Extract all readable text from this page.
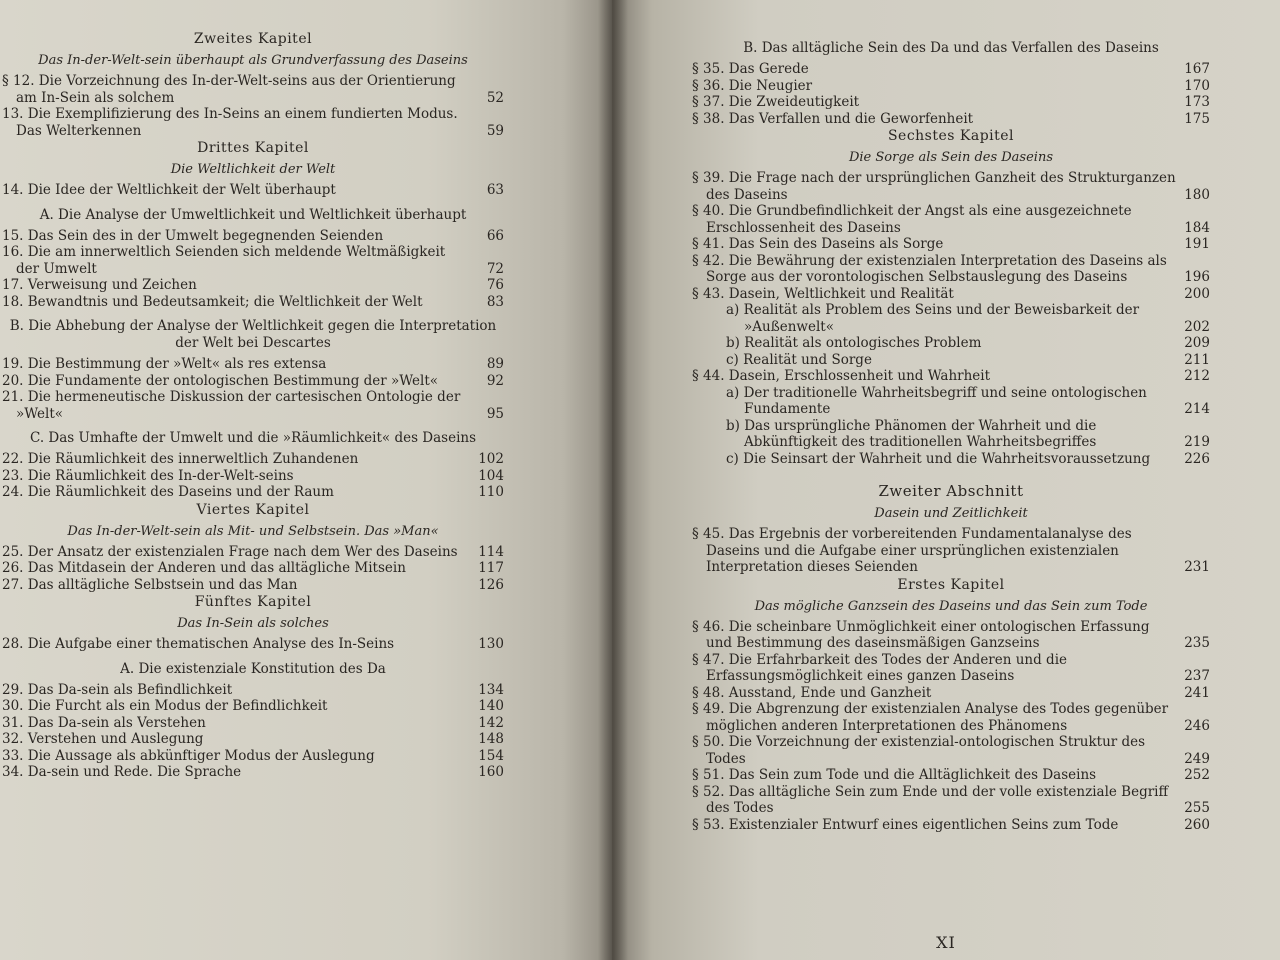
Zweites Kapitel
Das In-der-Welt-sein überhaupt als Grundverfassung des Daseins
§ 12. Die Vorzeichnung des In-der-Welt-seins aus der Orientierung am In-Sein als solchem	52
13. Die Exemplifizierung des In-Seins an einem fundierten Modus. Das Welterkennen	59
Drittes Kapitel
Die Weltlichkeit der Welt
14. Die Idee der Weltlichkeit der Welt überhaupt	63
A. Die Analyse der Umweltlichkeit und Weltlichkeit überhaupt
15. Das Sein des in der Umwelt begegnenden Seienden	66
16. Die am innerweltlich Seienden sich meldende Weltmäßigkeit der Umwelt	72
17. Verweisung und Zeichen	76
18. Bewandtnis und Bedeutsamkeit; die Weltlichkeit der Welt	83
B. Die Abhebung der Analyse der Weltlichkeit gegen die Interpretation der Welt bei Descartes
19. Die Bestimmung der »Welt« als res extensa	89
20. Die Fundamente der ontologischen Bestimmung der »Welt«	92
21. Die hermeneutische Diskussion der cartesischen Ontologie der »Welt«	95
C. Das Umhafte der Umwelt und die »Räumlichkeit« des Daseins
22. Die Räumlichkeit des innerweltlich Zuhandenen	102
23. Die Räumlichkeit des In-der-Welt-seins	104
24. Die Räumlichkeit des Daseins und der Raum	110
Viertes Kapitel
Das In-der-Welt-sein als Mit- und Selbstsein. Das »Man«
25. Der Ansatz der existenzialen Frage nach dem Wer des Daseins	114
26. Das Mitdasein der Anderen und das alltägliche Mitsein	117
27. Das alltägliche Selbstsein und das Man	126
Fünftes Kapitel
Das In-Sein als solches
28. Die Aufgabe einer thematischen Analyse des In-Seins	130
A. Die existenziale Konstitution des Da
29. Das Da-sein als Befindlichkeit	134
30. Die Furcht als ein Modus der Befindlichkeit	140
31. Das Da-sein als Verstehen	142
32. Verstehen und Auslegung	148
33. Die Aussage als abkünftiger Modus der Auslegung	154
34. Da-sein und Rede. Die Sprache	160
B. Das alltägliche Sein des Da und das Verfallen des Daseins
§ 35. Das Gerede	167
§ 36. Die Neugier	170
§ 37. Die Zweideutigkeit	173
§ 38. Das Verfallen und die Geworfenheit	175
Sechstes Kapitel
Die Sorge als Sein des Daseins
§ 39. Die Frage nach der ursprünglichen Ganzheit des Strukturganzen des Daseins	180
§ 40. Die Grundbefindlichkeit der Angst als eine ausgezeichnete Erschlossenheit des Daseins	184
§ 41. Das Sein des Daseins als Sorge	191
§ 42. Die Bewährung der existenzialen Interpretation des Daseins als Sorge aus der vorontologischen Selbstauslegung des Daseins	196
§ 43. Dasein, Weltlichkeit und Realität	200
a) Realität als Problem des Seins und der Beweisbarkeit der »Außenwelt«	202
b) Realität als ontologisches Problem	209
c) Realität und Sorge	211
§ 44. Dasein, Erschlossenheit und Wahrheit	212
a) Der traditionelle Wahrheitsbegriff und seine ontologischen Fundamente	214
b) Das ursprüngliche Phänomen der Wahrheit und die Abkünftigkeit des traditionellen Wahrheitsbegriffes	219
c) Die Seinsart der Wahrheit und die Wahrheitsvoraussetzung	226
Zweiter Abschnitt
Dasein und Zeitlichkeit
§ 45. Das Ergebnis der vorbereitenden Fundamentalanalyse des Daseins und die Aufgabe einer ursprünglichen existenzialen Interpretation dieses Seienden	231
Erstes Kapitel
Das mögliche Ganzsein des Daseins und das Sein zum Tode
§ 46. Die scheinbare Unmöglichkeit einer ontologischen Erfassung und Bestimmung des daseinsmäßigen Ganzseins	235
§ 47. Die Erfahrbarkeit des Todes der Anderen und die Erfassungsmöglichkeit eines ganzen Daseins	237
§ 48. Ausstand, Ende und Ganzheit	241
§ 49. Die Abgrenzung der existenzialen Analyse des Todes gegenüber möglichen anderen Interpretationen des Phänomens	246
§ 50. Die Vorzeichnung der existenzial-ontologischen Struktur des Todes	249
§ 51. Das Sein zum Tode und die Alltäglichkeit des Daseins	252
§ 52. Das alltägliche Sein zum Ende und der volle existenziale Begriff des Todes	255
§ 53. Existenzialer Entwurf eines eigentlichen Seins zum Tode	260
XI
